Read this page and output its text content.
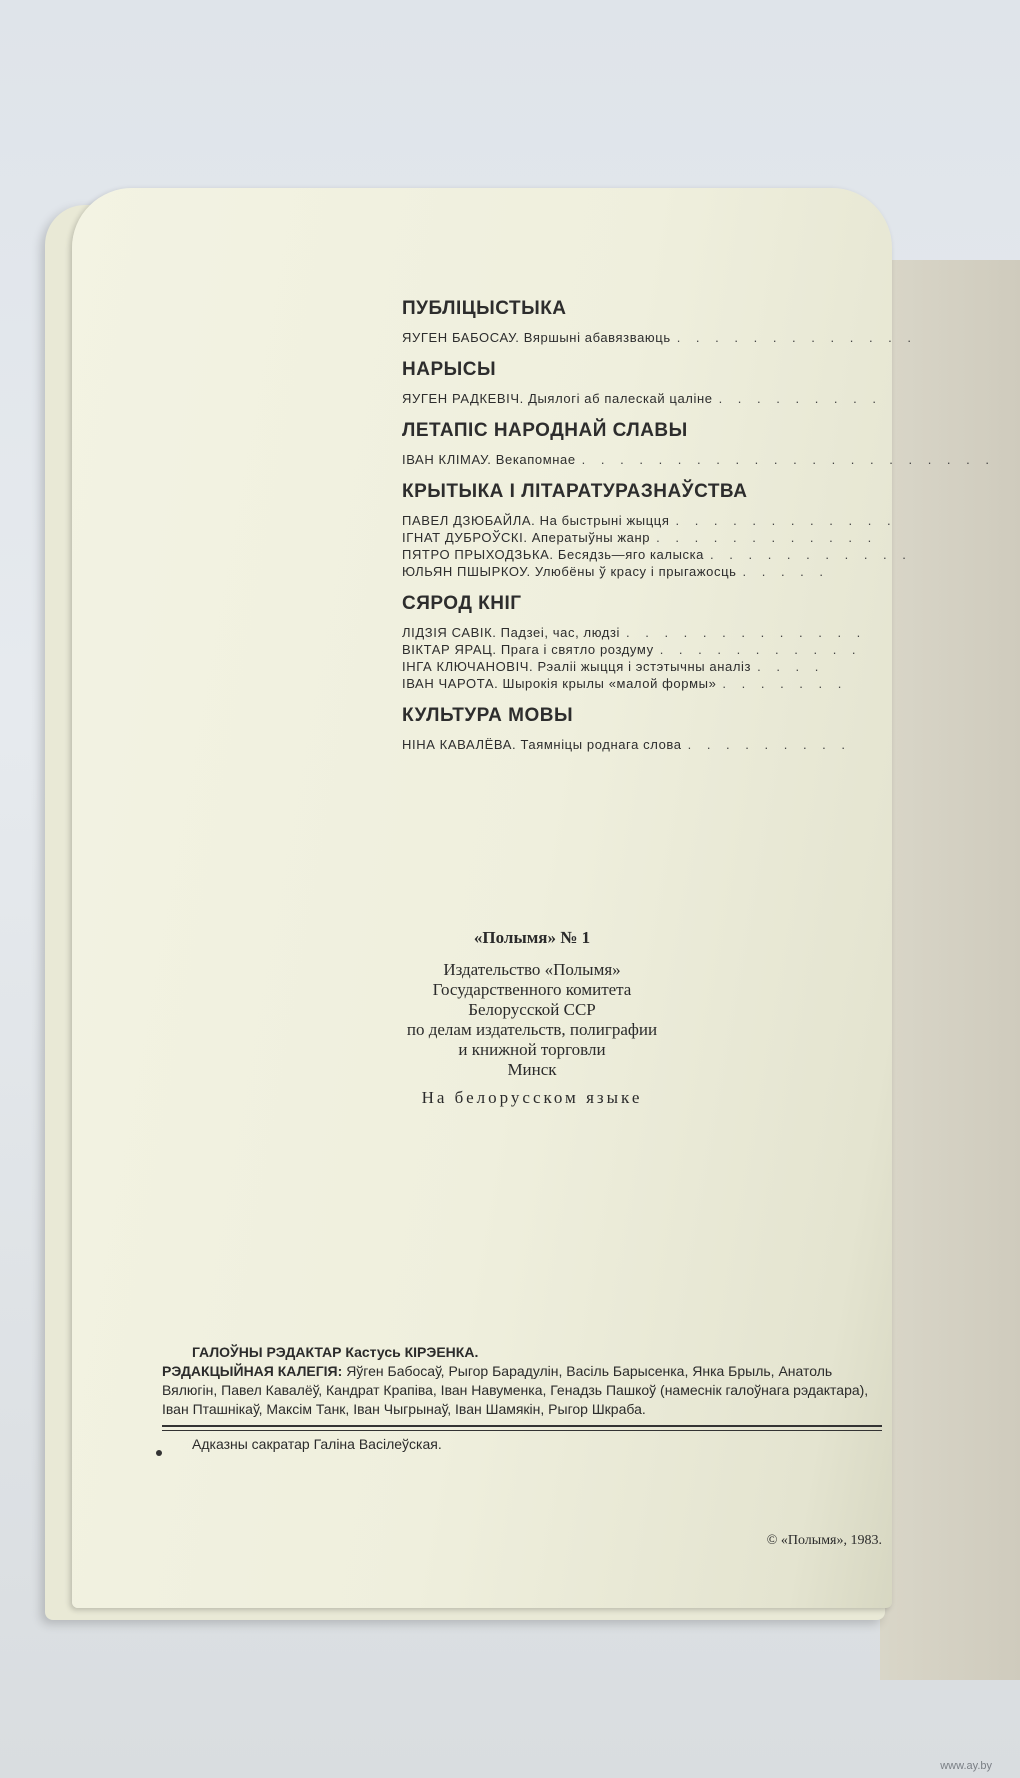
ПУБЛІЦЫСТЫКА
ЯУГЕН БАБОСАУ. Вяршыні абавязваюць . . . . . . . . . . . . .
НАРЫСЫ
ЯУГЕН РАДКЕВІЧ. Дыялогі аб палескай цаліне . . . . . . . . .
ЛЕТАПІС НАРОДНАЙ СЛАВЫ
ІВАН КЛІМАУ. Векапомнае . . . . . . . . . . . . . . . . . . . . . .
КРЫТЫКА І ЛІТАРАТУРАЗНАЎСТВА
ПАВЕЛ ДЗЮБАЙЛА. На быстрыні жыцця . . . . . . . . . . . .
ІГНАТ ДУБРОЎСКІ. Аператыўны жанр . . . . . . . . . . . .
ПЯТРО ПРЫХОДЗЬКА. Бесядзь—яго калыска . . . . . . . . . . .
ЮЛЬЯН ПШЫРКОУ. Улюбёны ў красу і прыгажосць . . . . .
СЯРОД КНІГ
ЛІДЗІЯ САВІК. Падзеі, час, людзі . . . . . . . . . . . . .
ВІКТАР ЯРАЦ. Прага і святло роздуму . . . . . . . . . . .
ІНГА КЛЮЧАНОВІЧ. Рэаліі жыцця і эстэтычны аналіз . . . .
ІВАН ЧАРОТА. Шырокія крылы «малой формы» . . . . . . .
КУЛЬТУРА МОВЫ
НІНА КАВАЛЁВА. Таямніцы роднага слова . . . . . . . . .
«Полымя» № 1
Издательство «Полымя»
Государственного комитета
Белорусской ССР
по делам издательств, полиграфии
и книжной торговли
Минск
На белорусском языке
ГАЛОЎНЫ РЭДАКТАР Кастусь КІРЭЕНКА.
РЭДАКЦЫЙНАЯ КАЛЕГІЯ: Яўген Бабосаў, Рыгор Барадулін, Васіль Барысенка, Янка Брыль, Анатоль Вялюгін, Павел Кавалёў, Кандрат Крапіва, Іван Навуменка, Генадзь Пашкоў (намеснік галоўнага рэдактара), Іван Пташнікаў, Максім Танк, Іван Чыгрынаў, Іван Шамякін, Рыгор Шкраба.
Адказны сакратар Галіна Васілеўская.
© «Полымя», 1983.
www.ay.by
